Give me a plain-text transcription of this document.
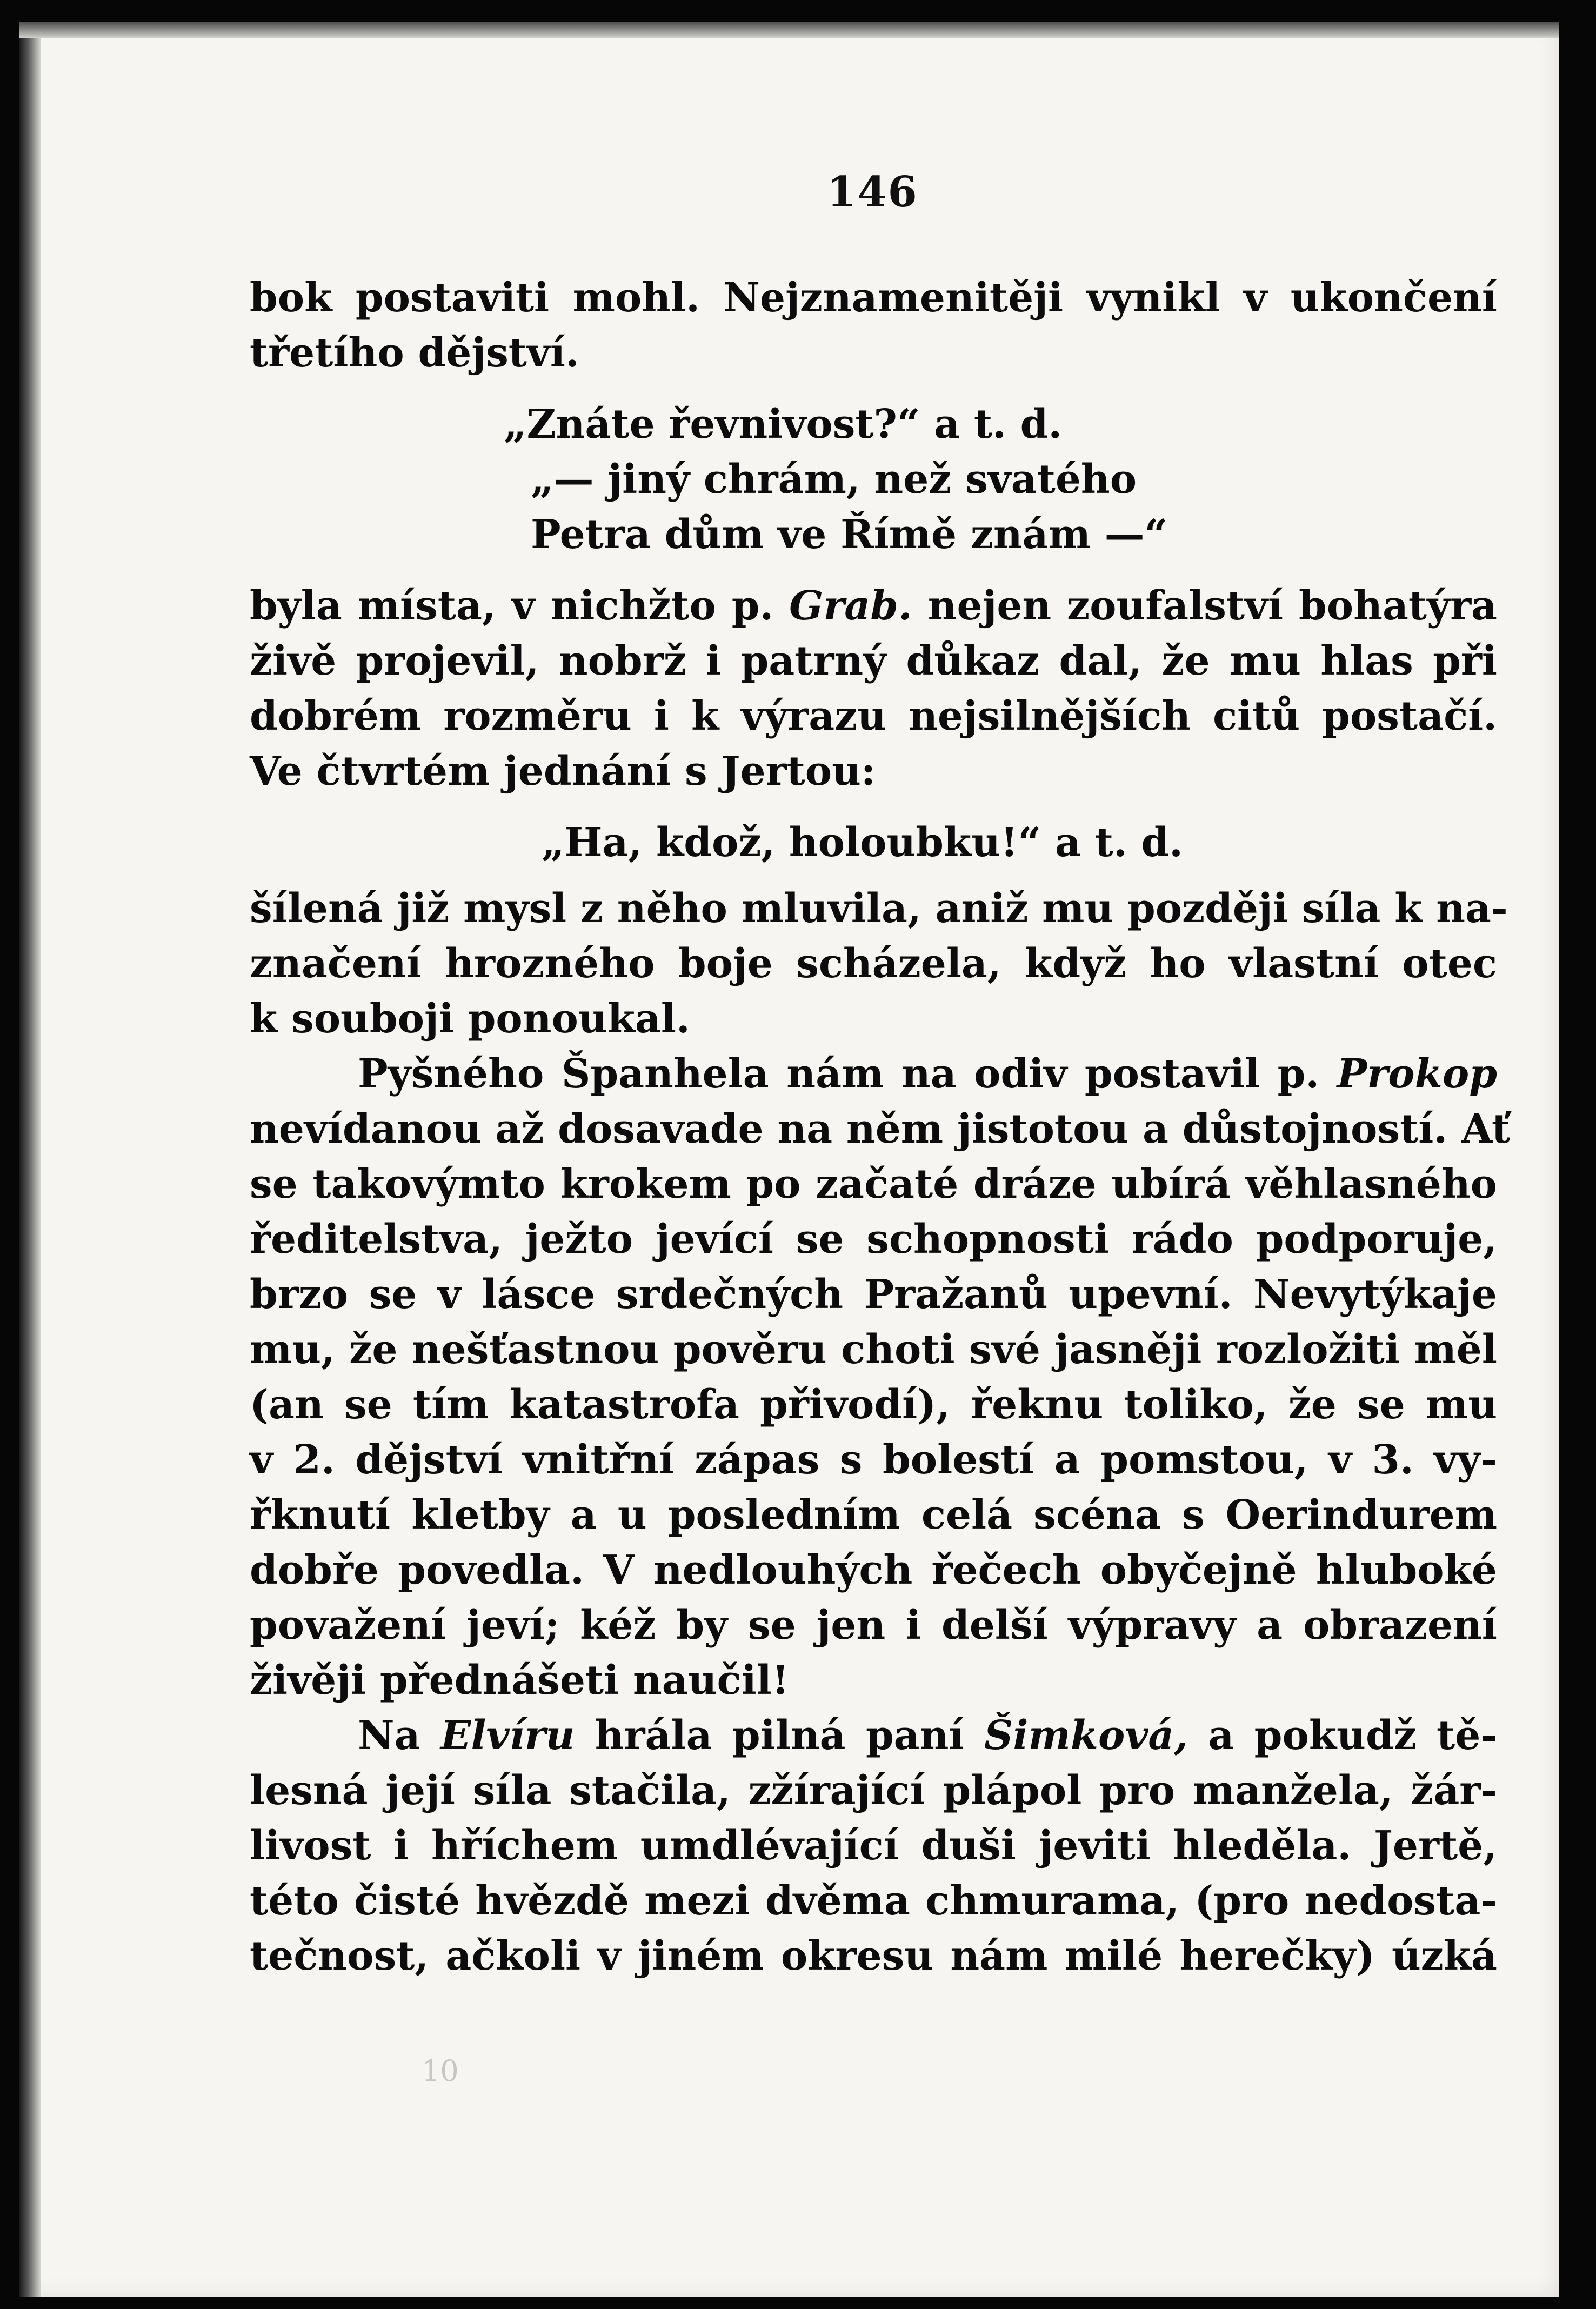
146
bok postaviti mohl. Nejznamenitěji vynikl v ukončení
třetího dějství.
„Znáte řevnivost?“ a t. d.
„— jiný chrám, než svatého
Petra dům ve Římě znám —“
byla místa, v nichžto p. Grab. nejen zoufalství bohatýra
živě projevil, nobrž i patrný důkaz dal, že mu hlas při
dobrém rozměru i k výrazu nejsilnějších citů postačí.
Ve čtvrtém jednání s Jertou:
„Ha, kdož, holoubku!“ a t. d.
šílená již mysl z něho mluvila, aniž mu později síla k na-
značení hrozného boje scházela, když ho vlastní otec
k souboji ponoukal.
Pyšného Španhela nám na odiv postavil p. Prokop
nevídanou až dosavade na něm jistotou a důstojností. Ať
se takovýmto krokem po začaté dráze ubírá věhlasného
ředitelstva, ježto jevící se schopnosti rádo podporuje,
brzo se v lásce srdečných Pražanů upevní. Nevytýkaje
mu, že nešťastnou pověru choti své jasněji rozložiti měl
(an se tím katastrofa přivodí), řeknu toliko, že se mu
v 2. dějství vnitřní zápas s bolestí a pomstou, v 3. vy-
řknutí kletby a u posledním celá scéna s Oerindurem
dobře povedla. V nedlouhých řečech obyčejně hluboké
považení jeví; kéž by se jen i delší výpravy a obrazení
živěji přednášeti naučil!
Na Elvíru hrála pilná paní Šimková, a pokudž tě-
lesná její síla stačila, zžírající plápol pro manžela, žár-
livost i hříchem umdlévající duši jeviti hleděla. Jertě,
této čisté hvězdě mezi dvěma chmurama, (pro nedosta-
tečnost, ačkoli v jiném okresu nám milé herečky) úzká
10
